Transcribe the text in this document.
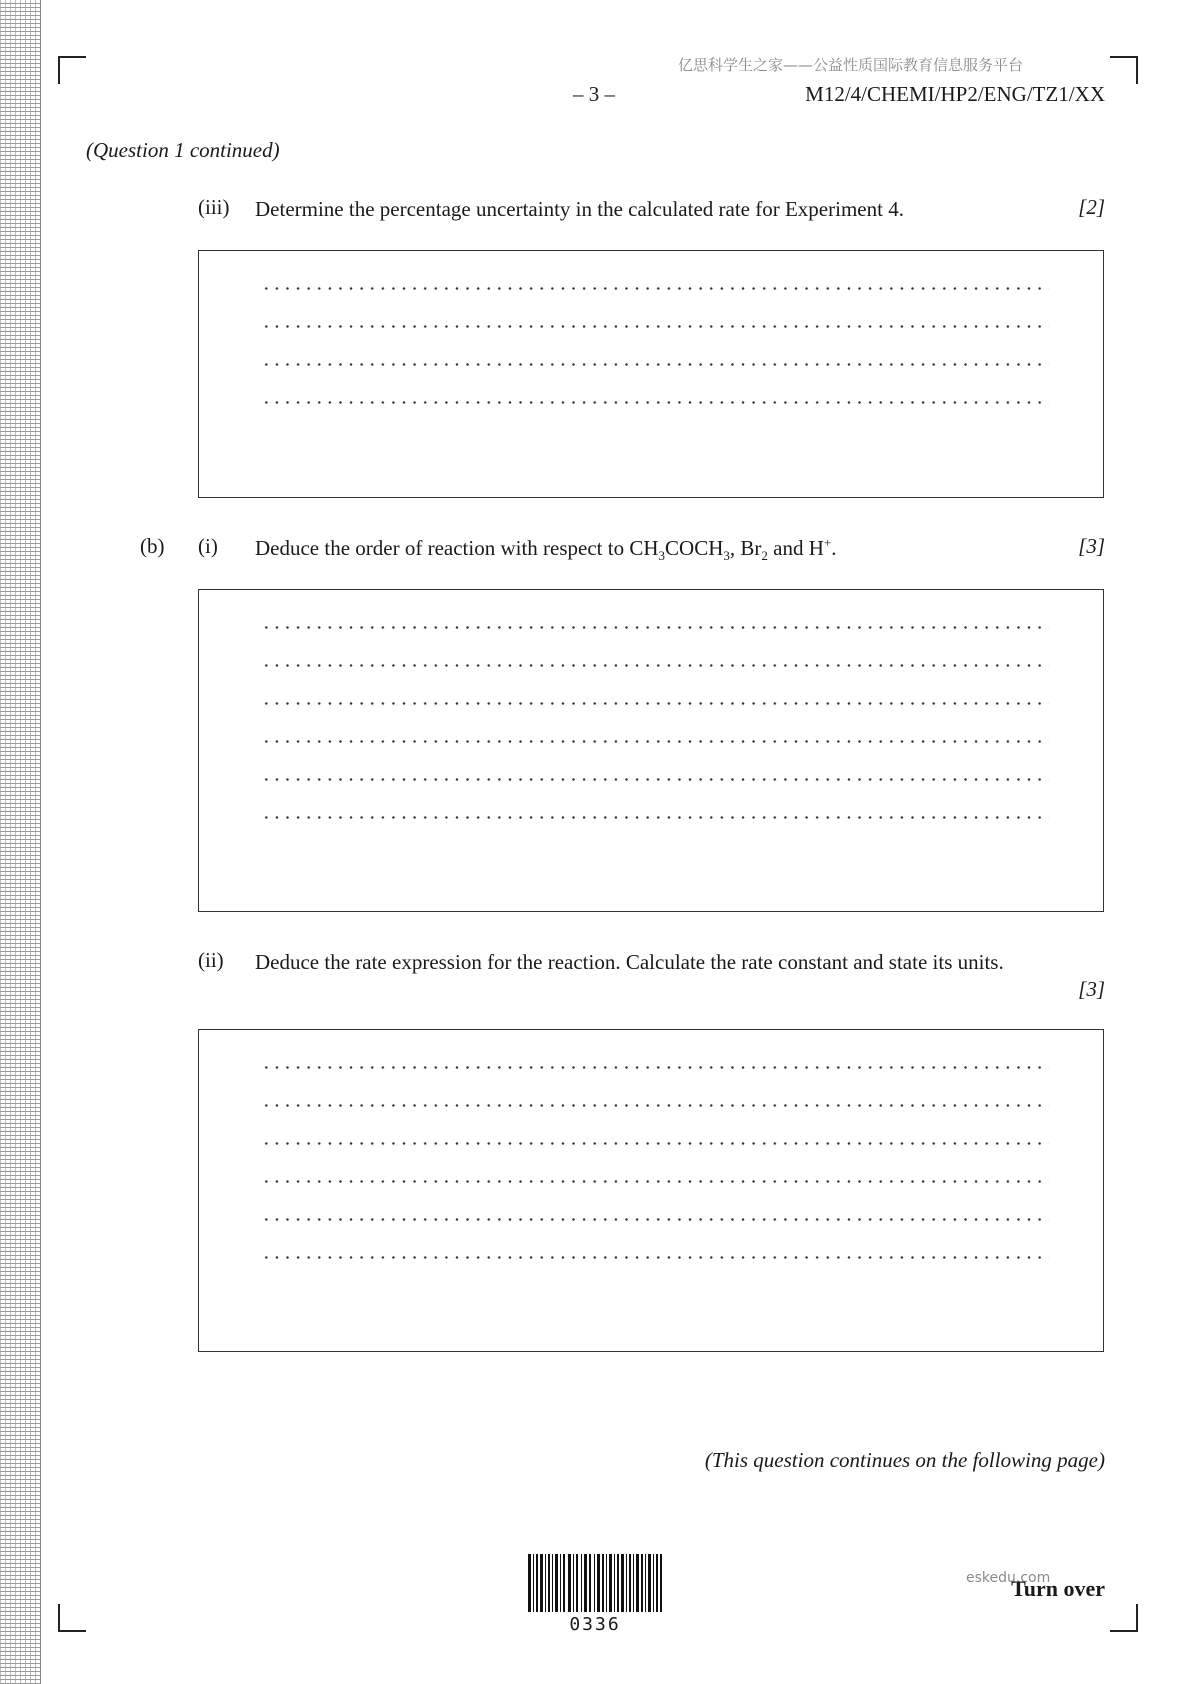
亿思科学生之家——公益性质国际教育信息服务平台
– 3 –	M12/4/CHEMI/HP2/ENG/TZ1/XX
(Question 1 continued)
(iii) Determine the percentage uncertainty in the calculated rate for Experiment 4.	[2]
(b) (i) Deduce the order of reaction with respect to $CH_3COCH_3$, $Br_2$ and H+.	[3]
(ii) Deduce the rate expression for the reaction. Calculate the rate constant and state its units.
[3]
(This question continues on the following page)
0336
eskedu.com
Turn over
